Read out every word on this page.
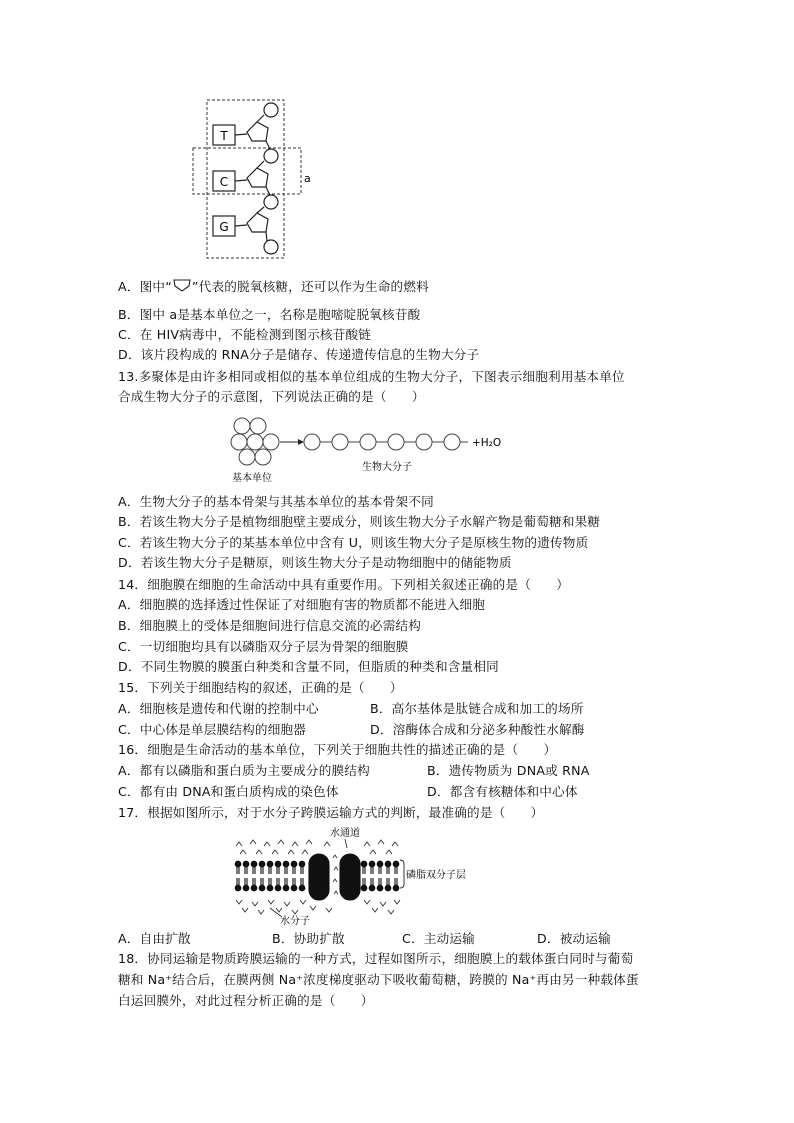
T
C
G
a
A．图中“ ”代表的脱氧核糖，还可以作为生命的燃料
B．图中 a是基本单位之一，名称是胞嘧啶脱氧核苷酸
C．在 HIV病毒中，不能检测到图示核苷酸链
D．该片段构成的 RNA分子是储存、传递遗传信息的生物大分子
13.多聚体是由许多相同或相似的基本单位组成的生物大分子，下图表示细胞利用基本单位
合成生物大分子的示意图，下列说法正确的是（      ）
+H₂O
基本单位
生物大分子
A．生物大分子的基本骨架与其基本单位的基本骨架不同
B．若该生物大分子是植物细胞壁主要成分，则该生物大分子水解产物是葡萄糖和果糖
C．若该生物大分子的某基本单位中含有 U，则该生物大分子是原核生物的遗传物质
D．若该生物大分子是糖原，则该生物大分子是动物细胞中的储能物质
14．细胞膜在细胞的生命活动中具有重要作用。下列相关叙述正确的是（      ）
A．细胞膜的选择透过性保证了对细胞有害的物质都不能进入细胞
B．细胞膜上的受体是细胞间进行信息交流的必需结构
C．一切细胞均具有以磷脂双分子层为骨架的细胞膜
D．不同生物膜的膜蛋白种类和含量不同，但脂质的种类和含量相同
15．下列关于细胞结构的叙述，正确的是（      ）
A．细胞核是遗传和代谢的控制中心	B．高尔基体是肽链合成和加工的场所
C．中心体是单层膜结构的细胞器	D．溶酶体合成和分泌多种酸性水解酶
16．细胞是生命活动的基本单位，下列关于细胞共性的描述正确的是（      ）
A．都有以磷脂和蛋白质为主要成分的膜结构	B．遗传物质为 DNA或 RNA
C．都有由 DNA和蛋白质构成的染色体	D．都含有核糖体和中心体
17．根据如图所示，对于水分子跨膜运输方式的判断，最准确的是（      ）
水通道
磷脂双分子层
水分子
A．自由扩散	B．协助扩散	C．主动运输	D．被动运输
18．协同运输是物质跨膜运输的一种方式，过程如图所示，细胞膜上的载体蛋白同时与葡萄
糖和 Na⁺结合后，在膜两侧 Na⁺浓度梯度驱动下吸收葡萄糖，跨膜的 Na⁺再由另一种载体蛋
白运回膜外，对此过程分析正确的是（      ）
